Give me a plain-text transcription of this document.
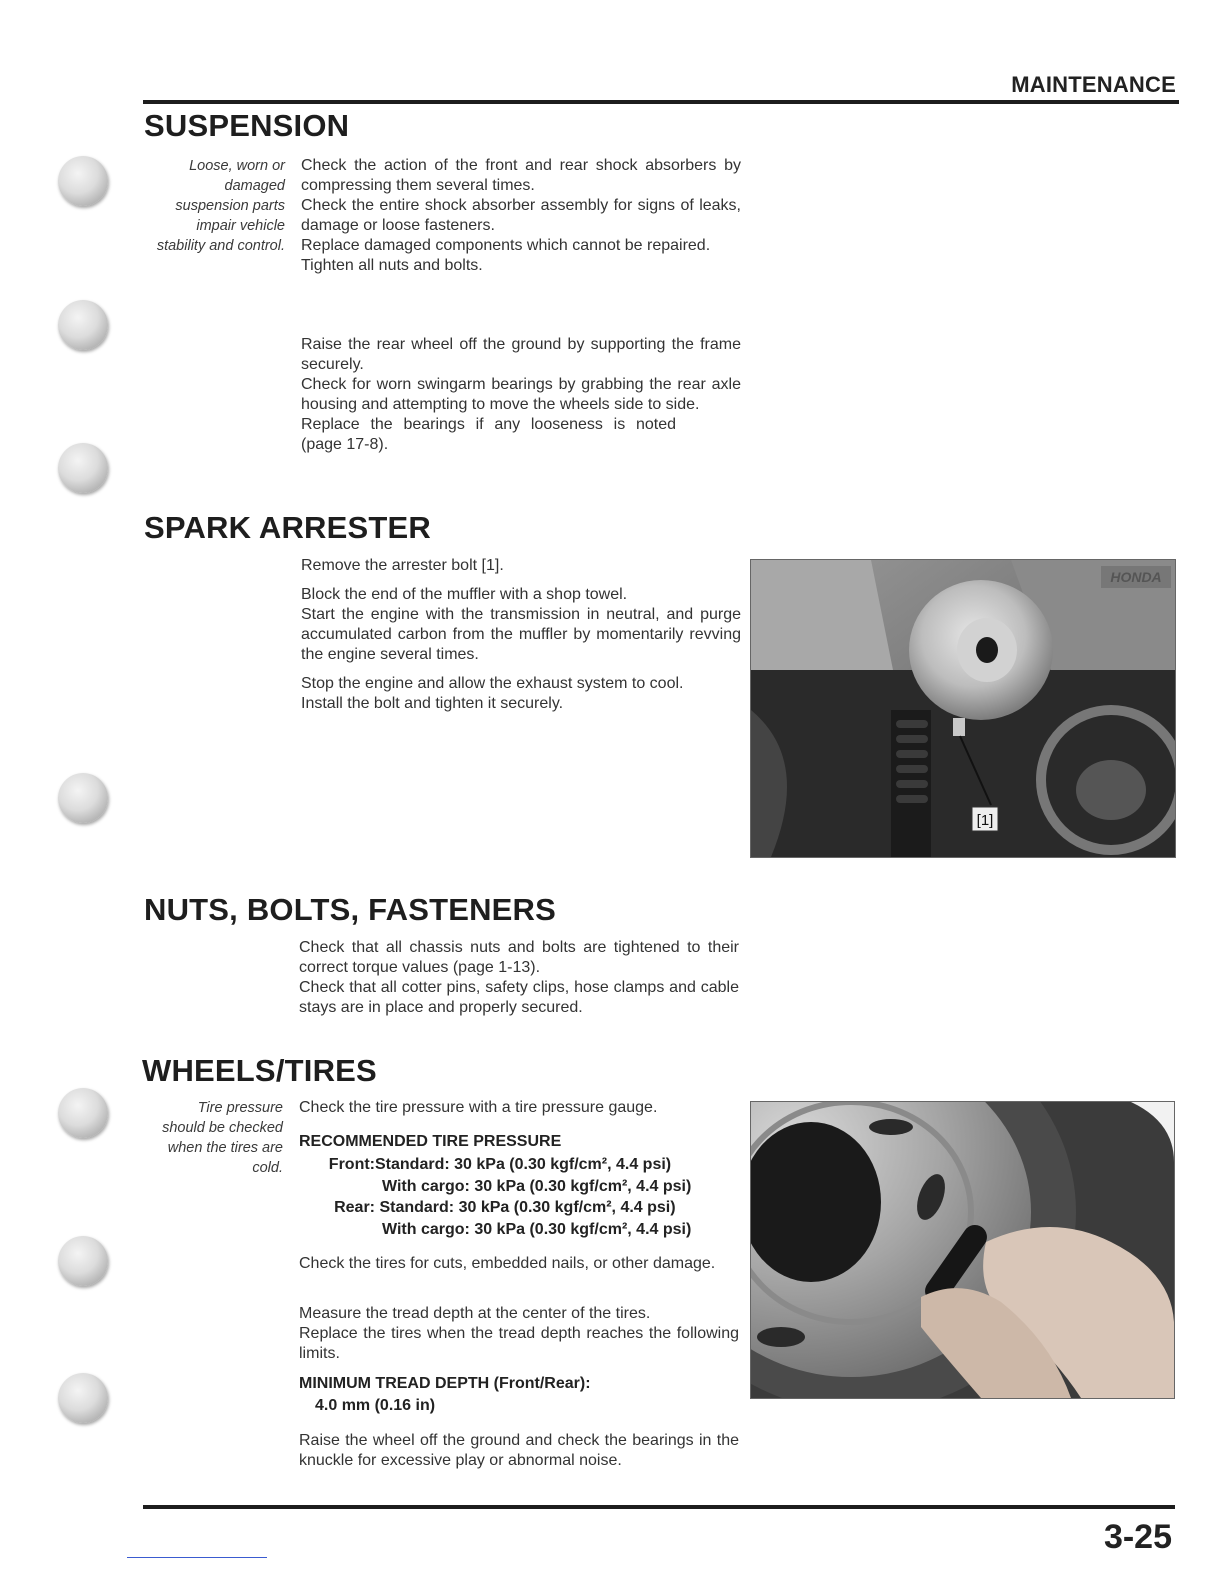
MAINTENANCE
SUSPENSION
Loose, worn or
damaged
suspension parts
impair vehicle
stability and control.

Check the action of the front and rear shock absorbers by compressing them several times.

Check the entire shock absorber assembly for signs of leaks, damage or loose fasteners.

Replace damaged components which cannot be repaired.

Tighten all nuts and bolts.

Raise the rear wheel off the ground by supporting the frame securely.

Check for worn swingarm bearings by grabbing the rear axle housing and attempting to move the wheels side to side.

Replace the bearings if any looseness is noted (page 17-8).

SPARK ARRESTER

Remove the arrester bolt [1].

Block the end of the muffler with a shop towel.

Start the engine with the transmission in neutral, and purge accumulated carbon from the muffler by momentarily revving the engine several times.

Stop the engine and allow the exhaust system to cool.

Install the bolt and tighten it securely.

HONDA
[1]
NUTS, BOLTS, FASTENERS

Check that all chassis nuts and bolts are tightened to their correct torque values (page 1-13).

Check that all cotter pins, safety clips, hose clamps and cable stays are in place and properly secured.

WHEELS/TIRES
Tire pressure
should be checked
when the tires are
cold.
Check the tire pressure with a tire pressure gauge.
RECOMMENDED TIRE PRESSURE
Front:Standard: 30 kPa (0.30 kgf/cm², 4.4 psi)
With cargo: 30 kPa (0.30 kgf/cm², 4.4 psi)
Rear: Standard: 30 kPa (0.30 kgf/cm², 4.4 psi)
With cargo: 30 kPa (0.30 kgf/cm², 4.4 psi)
Check the tires for cuts, embedded nails, or other damage.

Measure the tread depth at the center of the tires.

Replace the tires when the tread depth reaches the following limits.

MINIMUM TREAD DEPTH (Front/Rear):
4.0 mm (0.16 in)
Raise the wheel off the ground and check the bearings in the knuckle for excessive play or abnormal noise.
3-25
